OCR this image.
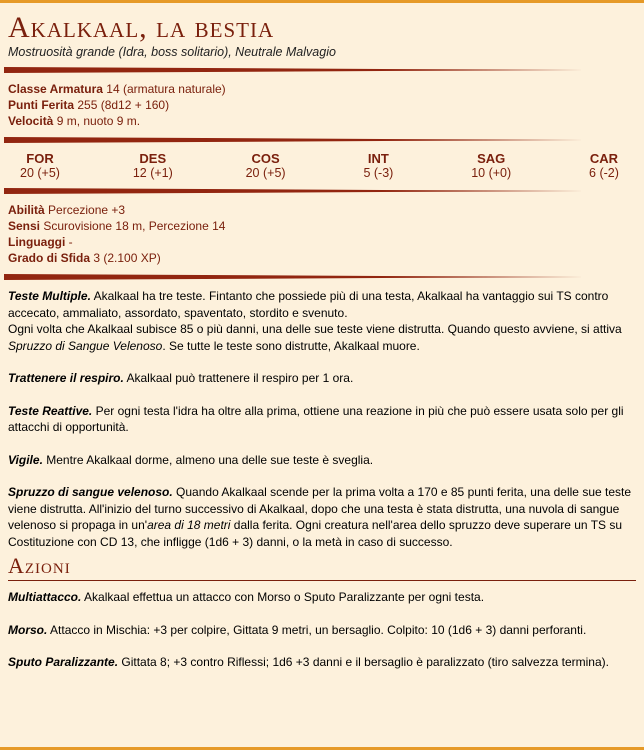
Akalkaal, la bestia
Mostruosità grande (Idra, boss solitario), Neutrale Malvagio
Classe Armatura 14 (armatura naturale)
Punti Ferita 255 (8d12 + 160)
Velocità 9 m, nuoto 9 m.
FOR
20 (+5)
DES
12 (+1)
COS
20 (+5)
INT
5 (-3)
SAG
10 (+0)
CAR
6 (-2)
Abilità Percezione +3
Sensi Scurovisione 18 m, Percezione 14
Linguaggi -
Grado di Sfida 3 (2.100 XP)

Teste Multiple. Akalkaal ha tre teste. Fintanto che possiede più di una testa, Akalkaal ha vantaggio sui TS contro accecato, ammaliato, assordato, spaventato, stordito e svenuto.
Ogni volta che Akalkaal subisce 85 o più danni, una delle sue teste viene distrutta. Quando questo avviene, si attiva
Spruzzo di Sangue Velenoso. Se tutte le teste sono distrutte, Akalkaal muore.

Trattenere il respiro. Akalkaal può trattenere il respiro per 1 ora.

Teste Reattive. Per ogni testa l'idra ha oltre alla prima, ottiene una reazione in più che può essere usata solo per gli attacchi di opportunità.

Vigile. Mentre Akalkaal dorme, almeno una delle sue teste è sveglia.

Spruzzo di sangue velenoso. Quando Akalkaal scende per la prima volta a 170 e 85 punti ferita, una delle sue teste viene distrutta. All'inizio del turno successivo di Akalkaal, dopo che una testa è stata distrutta, una nuvola di sangue velenoso si propaga in un'area di 18 metri dalla ferita. Ogni creatura nell'area dello spruzzo deve superare un TS su Costituzione con CD 13, che infligge (1d6 + 3) danni, o la metà in caso di successo.

Azioni

Multiattacco. Akalkaal effettua un attacco con Morso o Sputo Paralizzante per ogni testa.

Morso. Attacco in Mischia: +3 per colpire, Gittata 9 metri, un bersaglio. Colpito: 10 (1d6 + 3) danni perforanti.

Sputo Paralizzante. Gittata 8; +3 contro Riflessi; 1d6 +3 danni e il bersaglio è paralizzato (tiro salvezza termina).
